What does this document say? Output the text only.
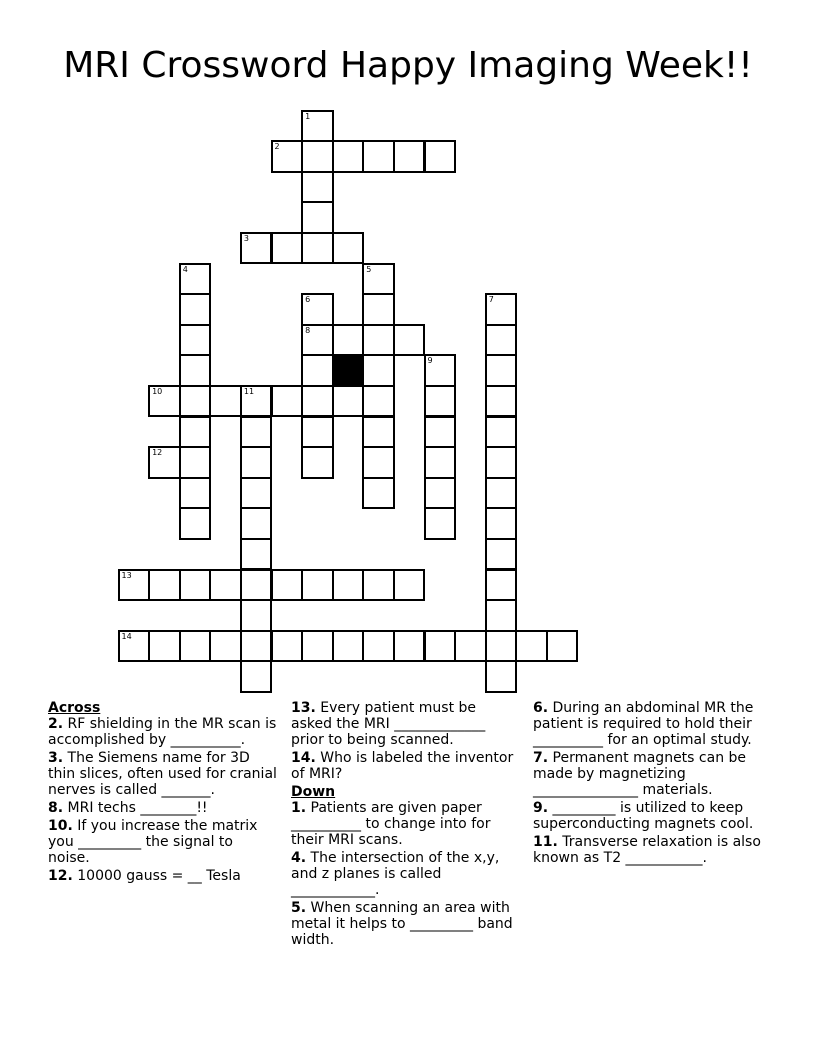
MRI Crossword Happy Imaging Week!!
1
2
3
4	5
6	7
8
9
10	11
12
13
14
Across
2. RF shielding in the MR scan is accomplished by __________.
3. The Siemens name for 3D thin slices, often used for cranial nerves is called _______.
8. MRI techs ________!!
10. If you increase the matrix you _________ the signal to noise.
12. 10000 gauss = __ Tesla
13. Every patient must be asked the MRI _____________ prior to being scanned.
14. Who is labeled the inventor of MRI?
Down
1. Patients are given paper __________ to change into for their MRI scans.
4. The intersection of the x,y, and z planes is called ____________.
5. When scanning an area with metal it helps to _________ band width.
6. During an abdominal MR the patient is required to hold their __________ for an optimal study.
7. Permanent magnets can be made by magnetizing _______________ materials.
9. _________ is utilized to keep superconducting magnets cool.
11. Transverse relaxation is also known as T2 ___________.
